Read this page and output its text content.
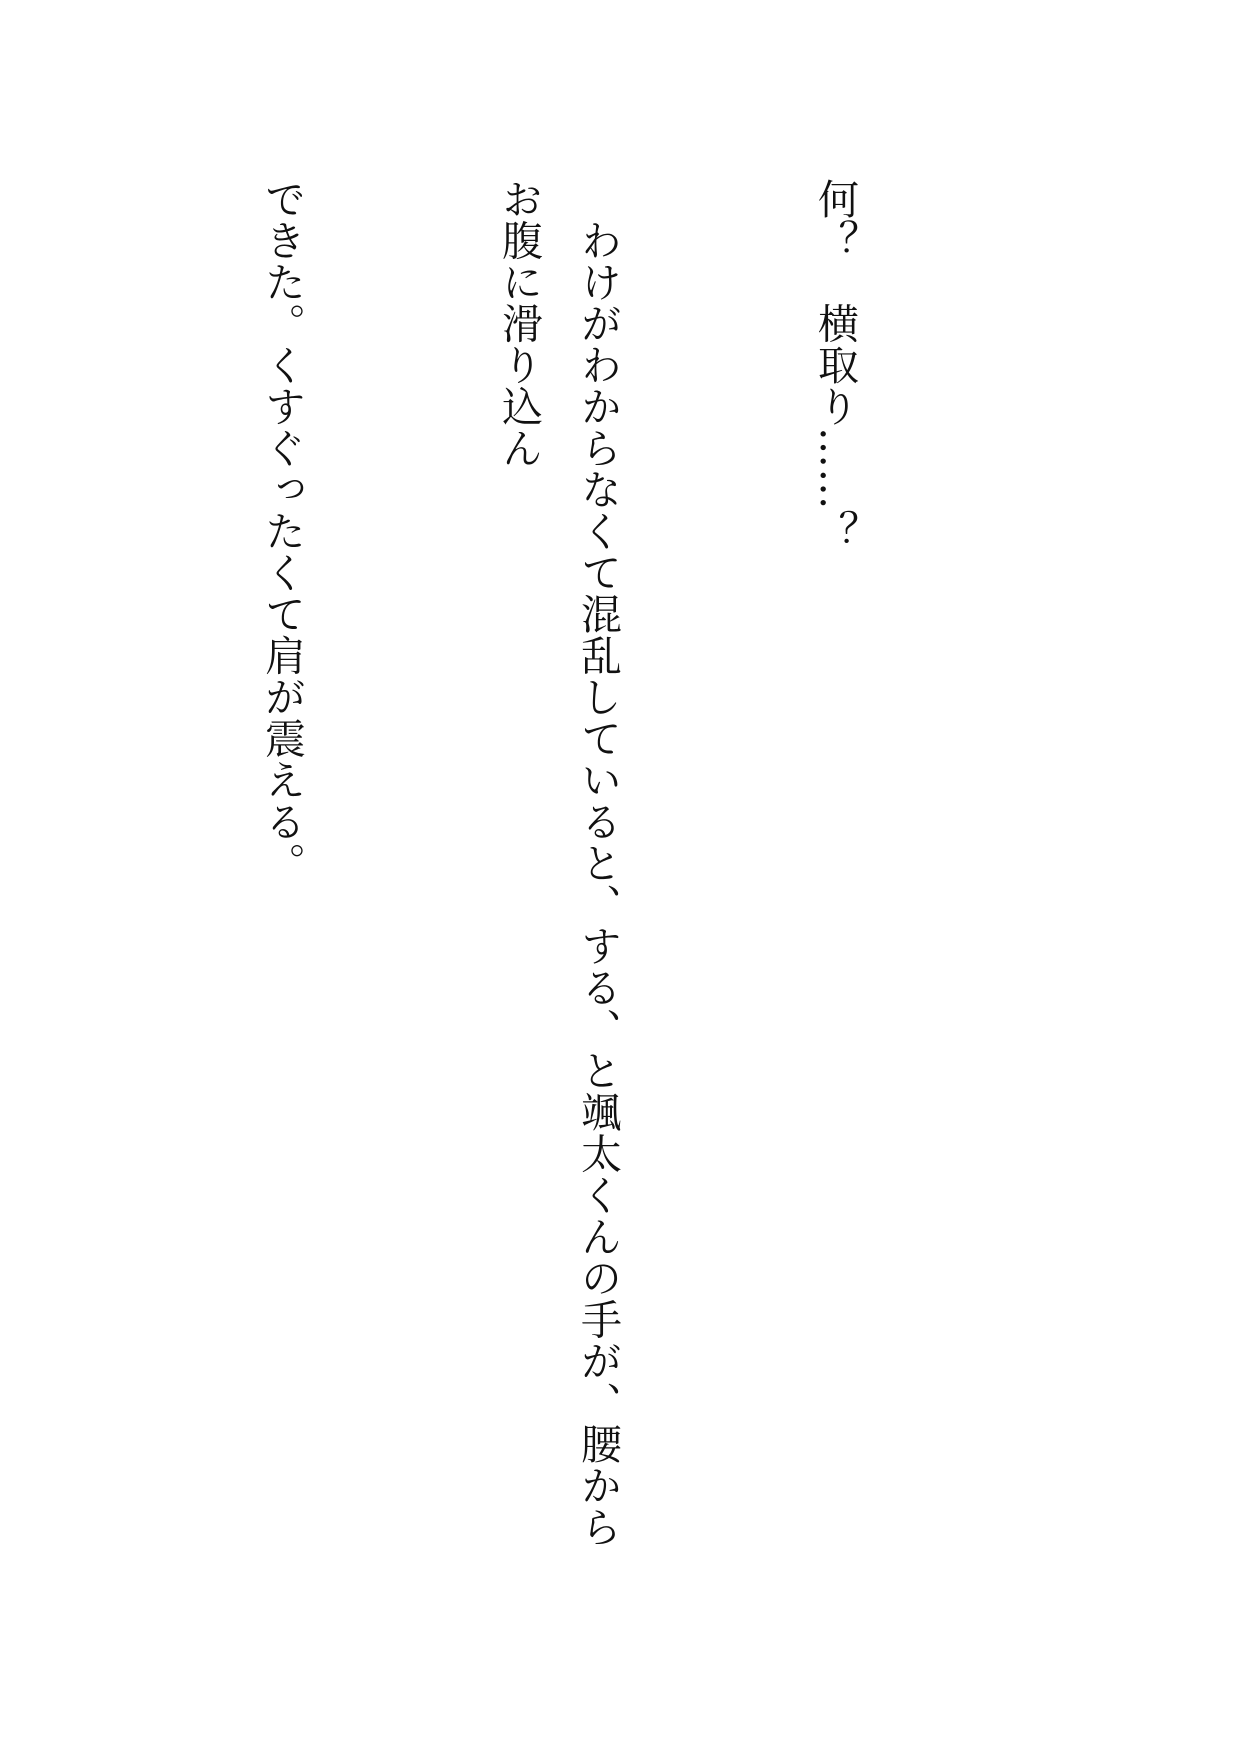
何？　横取り……？

　わけがわからなくて混乱していると、する、と颯太くんの手が、腰からお腹に滑り込ん

できた。くすぐったくて肩が震える。
